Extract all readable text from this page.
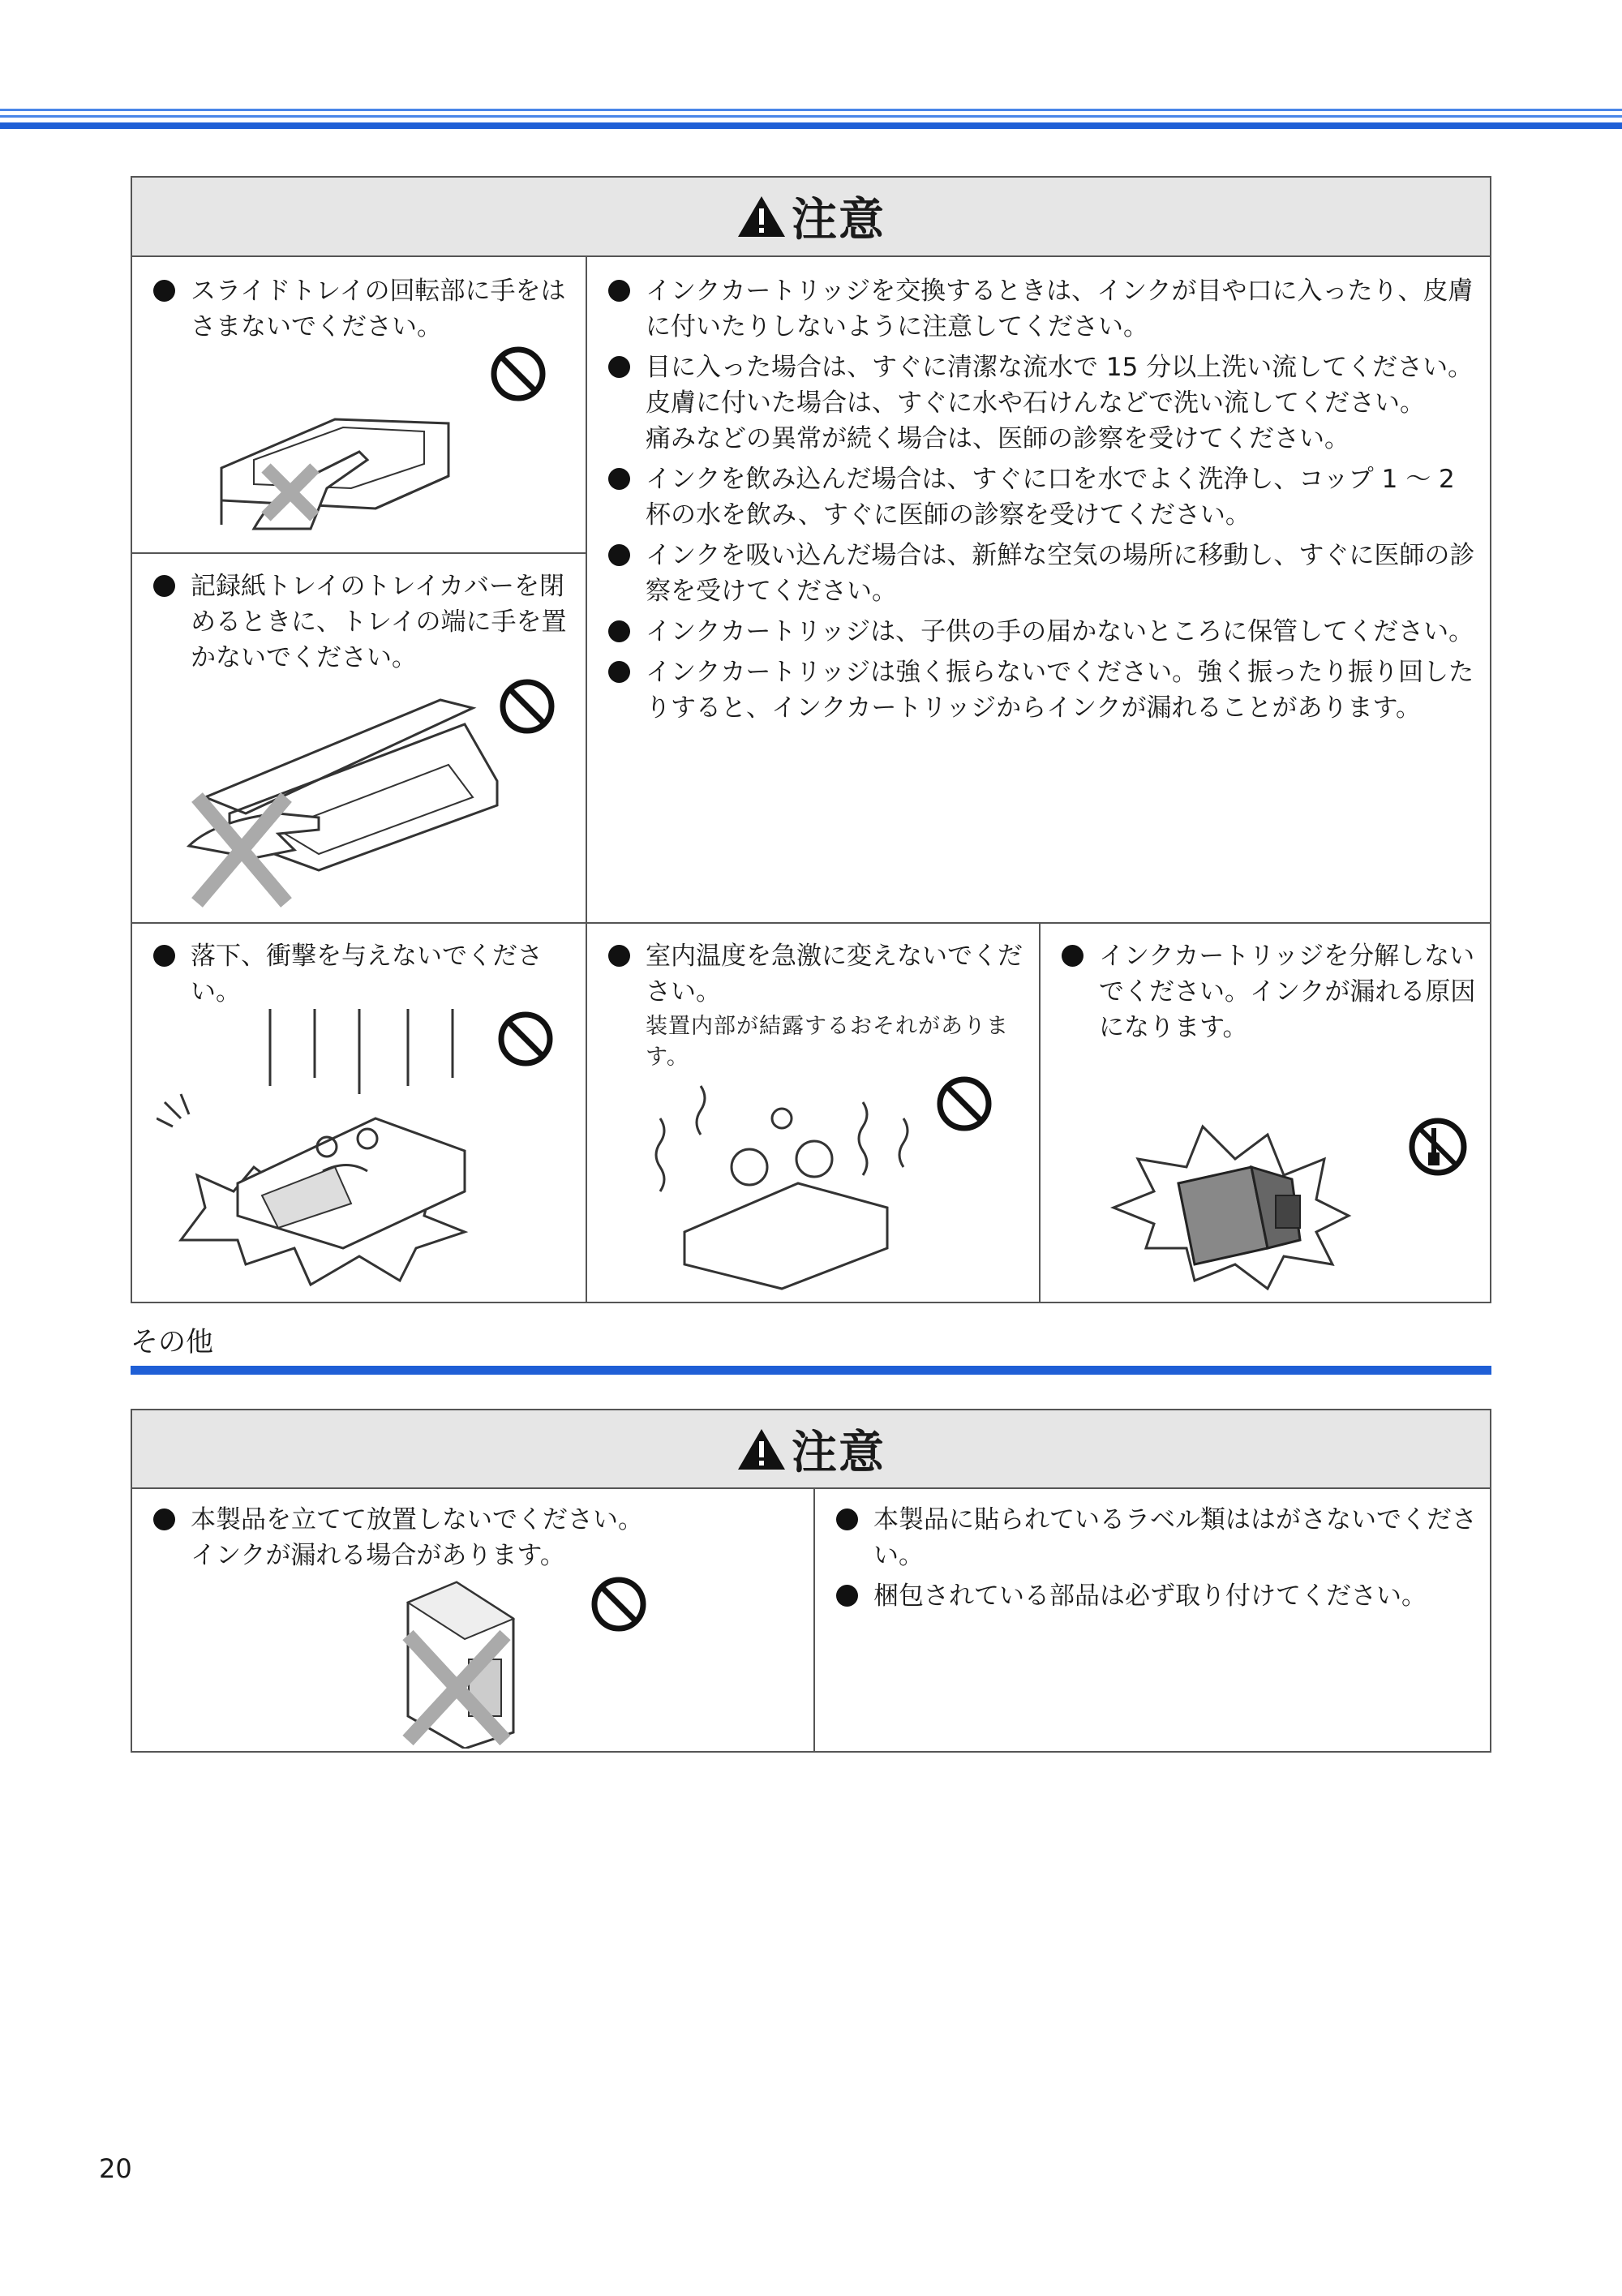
注意
スライドトレイの回転部に手をはさまないでください。
記録紙トレイのトレイカバーを閉めるときに、トレイの端に手を置かないでください。
インクカートリッジを交換するときは、インクが目や口に入ったり、皮膚に付いたりしないように注意してください。
目に入った場合は、すぐに清潔な流水で 15 分以上洗い流してください。
皮膚に付いた場合は、すぐに水や石けんなどで洗い流してください。
痛みなどの異常が続く場合は、医師の診察を受けてください。
インクを飲み込んだ場合は、すぐに口を水でよく洗浄し、コップ 1 ～ 2 杯の水を飲み、すぐに医師の診察を受けてください。
インクを吸い込んだ場合は、新鮮な空気の場所に移動し、すぐに医師の診察を受けてください。
インクカートリッジは、子供の手の届かないところに保管してください。
インクカートリッジは強く振らないでください。強く振ったり振り回したりすると、インクカートリッジからインクが漏れることがあります。
落下、衝撃を与えないでください。
室内温度を急激に変えないでください。
装置内部が結露するおそれがあります。
インクカートリッジを分解しないでください。インクが漏れる原因になります。
その他
注意
本製品を立てて放置しないでください。
インクが漏れる場合があります。
本製品に貼られているラベル類ははがさないでください。
梱包されている部品は必ず取り付けてください。
20
